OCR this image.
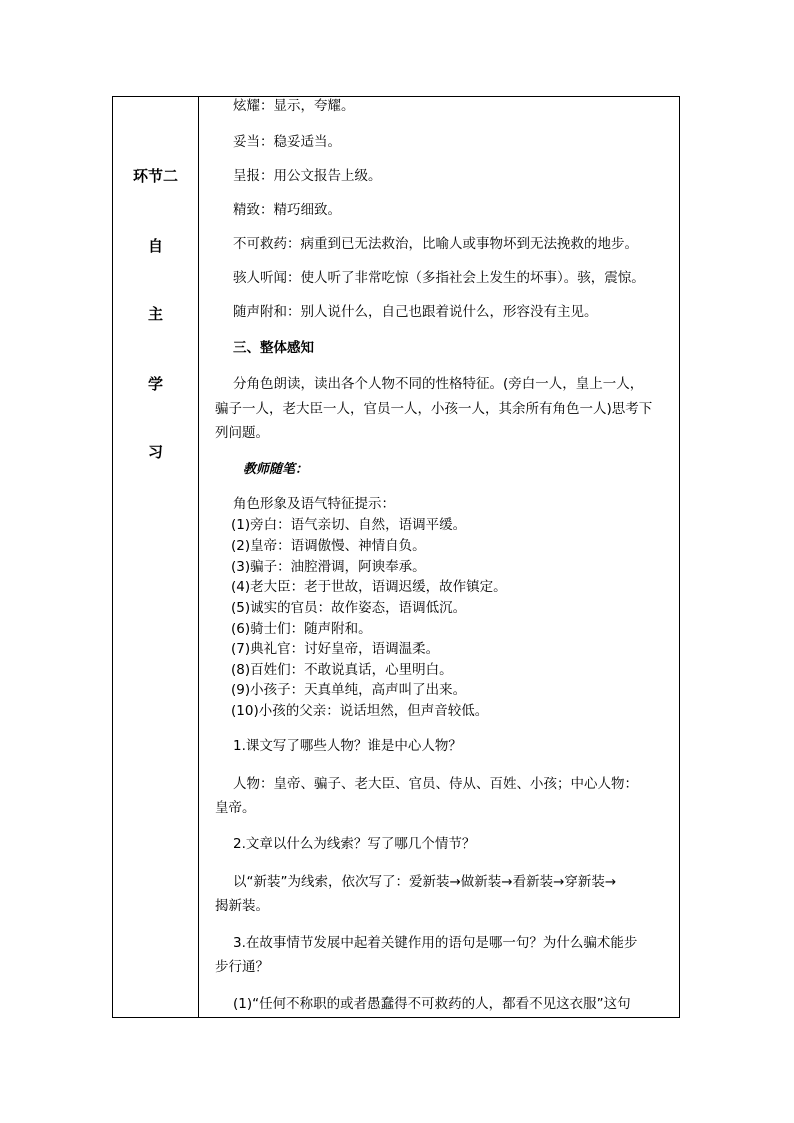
环节二
自
主
学
习
炫耀：显示，夸耀。
妥当：稳妥适当。
呈报：用公文报告上级。
精致：精巧细致。
不可救药：病重到已无法救治，比喻人或事物坏到无法挽救的地步。
骇人听闻：使人听了非常吃惊（多指社会上发生的坏事）。骇，震惊。
随声附和：别人说什么，自己也跟着说什么，形容没有主见。
三、整体感知
分角色朗读，读出各个人物不同的性格特征。(旁白一人，皇上一人，
骗子一人，老大臣一人，官员一人，小孩一人，其余所有角色一人)思考下
列问题。
教师随笔：
角色形象及语气特征提示：
(1)旁白：语气亲切、自然，语调平缓。
(2)皇帝：语调傲慢、神情自负。
(3)骗子：油腔滑调，阿谀奉承。
(4)老大臣：老于世故，语调迟缓，故作镇定。
(5)诚实的官员：故作姿态，语调低沉。
(6)骑士们：随声附和。
(7)典礼官：讨好皇帝，语调温柔。
(8)百姓们：不敢说真话，心里明白。
(9)小孩子：天真单纯，高声叫了出来。
(10)小孩的父亲：说话坦然，但声音较低。
1.课文写了哪些人物？谁是中心人物？
人物：皇帝、骗子、老大臣、官员、侍从、百姓、小孩；中心人物：
皇帝。
2.文章以什么为线索？写了哪几个情节？
以“新装”为线索，依次写了：爱新装→做新装→看新装→穿新装→
揭新装。
3.在故事情节发展中起着关键作用的语句是哪一句？为什么骗术能步
步行通？
(1)“任何不称职的或者愚蠢得不可救药的人，都看不见这衣服”这句
